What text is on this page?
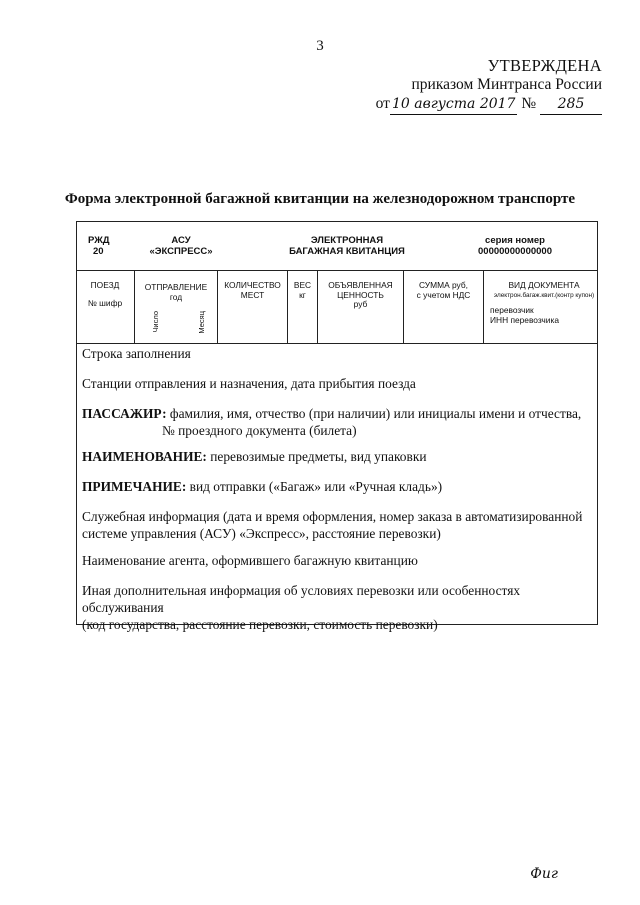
3
УТВЕРЖДЕНА
приказом Минтранса России
от 10 августа 2017 № 285
Форма электронной багажной квитанции на железнодорожном транспорте
РЖД
20
АСУ
«ЭКСПРЕСС»
ЭЛЕКТРОННАЯ
БАГАЖНАЯ КВИТАНЦИЯ
серия номер
00000000000000
ПОЕЗД
№ шифр
ОТПРАВЛЕНИЕ
год
Число	Месяц
КОЛИЧЕСТВО
МЕСТ
ВЕС
кг
ОБЪЯВЛЕННАЯ
ЦЕННОСТЬ
руб
СУММА руб,
с учетом НДС
ВИД ДОКУМЕНТА
электрон.багаж.квит.(контр купон)
перевозчик
ИНН перевозчика
Строка заполнения
Станции отправления и назначения, дата прибытия поезда
ПАССАЖИР: фамилия, имя, отчество (при наличии) или инициалы имени и отчества,
№ проездного документа (билета)
НАИМЕНОВАНИЕ: перевозимые предметы, вид упаковки
ПРИМЕЧАНИЕ: вид отправки («Багаж» или «Ручная кладь»)
Служебная информация (дата и время оформления, номер заказа в автоматизированной
системе управления (АСУ) «Экспресс», расстояние перевозки)
Наименование агента, оформившего багажную квитанцию
Иная дополнительная информация об условиях перевозки или особенностях обслуживания
(код государства, расстояние перевозки, стоимость перевозки)
Фиг
